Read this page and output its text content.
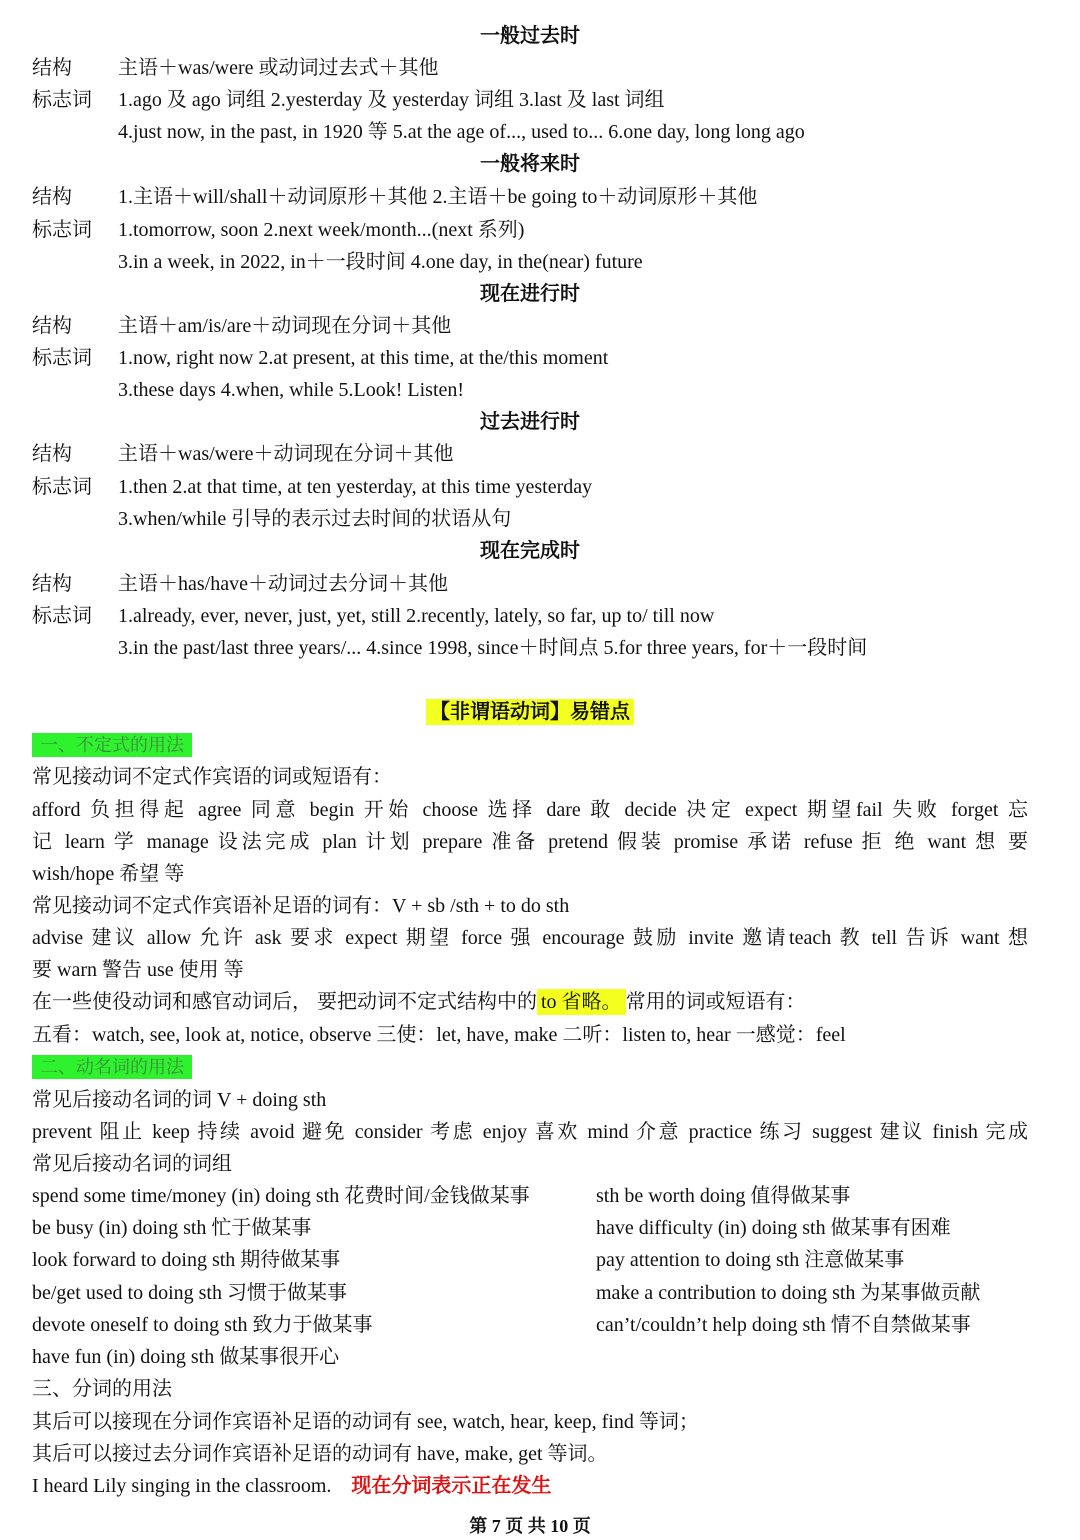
一般过去时
结构 主语＋was/were 或动词过去式＋其他
标志词 1.ago 及 ago 词组 2.yesterday 及 yesterday 词组 3.last 及 last 词组
4.just now, in the past, in 1920 等 5.at the age of..., used to... 6.one day, long long ago
一般将来时
结构 1.主语＋will/shall＋动词原形＋其他 2.主语＋be going to＋动词原形＋其他
标志词 1.tomorrow, soon 2.next week/month...(next 系列)
3.in a week, in 2022, in＋一段时间 4.one day, in the(near) future
现在进行时
结构 主语＋am/is/are＋动词现在分词＋其他
标志词 1.now, right now 2.at present, at this time, at the/this moment
3.these days 4.when, while 5.Look! Listen!
过去进行时
结构 主语＋was/were＋动词现在分词＋其他
标志词 1.then 2.at that time, at ten yesterday, at this time yesterday
3.when/while 引导的表示过去时间的状语从句
现在完成时
结构 主语＋has/have＋动词过去分词＋其他
标志词 1.already, ever, never, just, yet, still 2.recently, lately, so far, up to/ till now
3.in the past/last three years/... 4.since 1998, since＋时间点 5.for three years, for＋一段时间
【非谓语动词】易错点
一、不定式的用法
常见接动词不定式作宾语的词或短语有：
afford 负担得起 agree 同意 begin 开始 choose 选择 dare 敢 decide 决定 expect 期望fail 失败 forget 忘
记 learn 学 manage 设法完成 plan 计划 prepare 准备 pretend 假装 promise 承诺 refuse 拒 绝 want 想 要
wish/hope 希望 等
常见接动词不定式作宾语补足语的词有：V + sb /sth + to do sth
advise 建议 allow 允许 ask 要求 expect 期望 force 强 encourage 鼓励 invite 邀请teach 教 tell 告诉 want 想
要 warn 警告 use 使用 等
在一些使役动词和感官动词后， 要把动词不定式结构中的 to 省略。 常用的词或短语有：
五看：watch, see, look at, notice, observe 三使：let, have, make 二听：listen to, hear 一感觉：feel
二、动名词的用法
常见后接动名词的词 V + doing sth
prevent 阻止 keep 持续 avoid 避免 consider 考虑 enjoy 喜欢 mind 介意 practice 练习 suggest 建议 finish 完成
常见后接动名词的词组
spend some time/money (in) doing sth 花费时间/金钱做某事
be busy (in) doing sth 忙于做某事
look forward to doing sth 期待做某事
be/get used to doing sth 习惯于做某事
devote oneself to doing sth 致力于做某事
have fun (in) doing sth 做某事很开心
sth be worth doing 值得做某事
have difficulty (in) doing sth 做某事有困难
pay attention to doing sth 注意做某事
make a contribution to doing sth 为某事做贡献
can’t/couldn’t help doing sth 情不自禁做某事
三、分词的用法
其后可以接现在分词作宾语补足语的动词有 see, watch, hear, keep, find 等词；
其后可以接过去分词作宾语补足语的动词有 have, make, get 等词。
I heard Lily singing in the classroom. 现在分词表示正在发生
第 7 页 共 10 页
